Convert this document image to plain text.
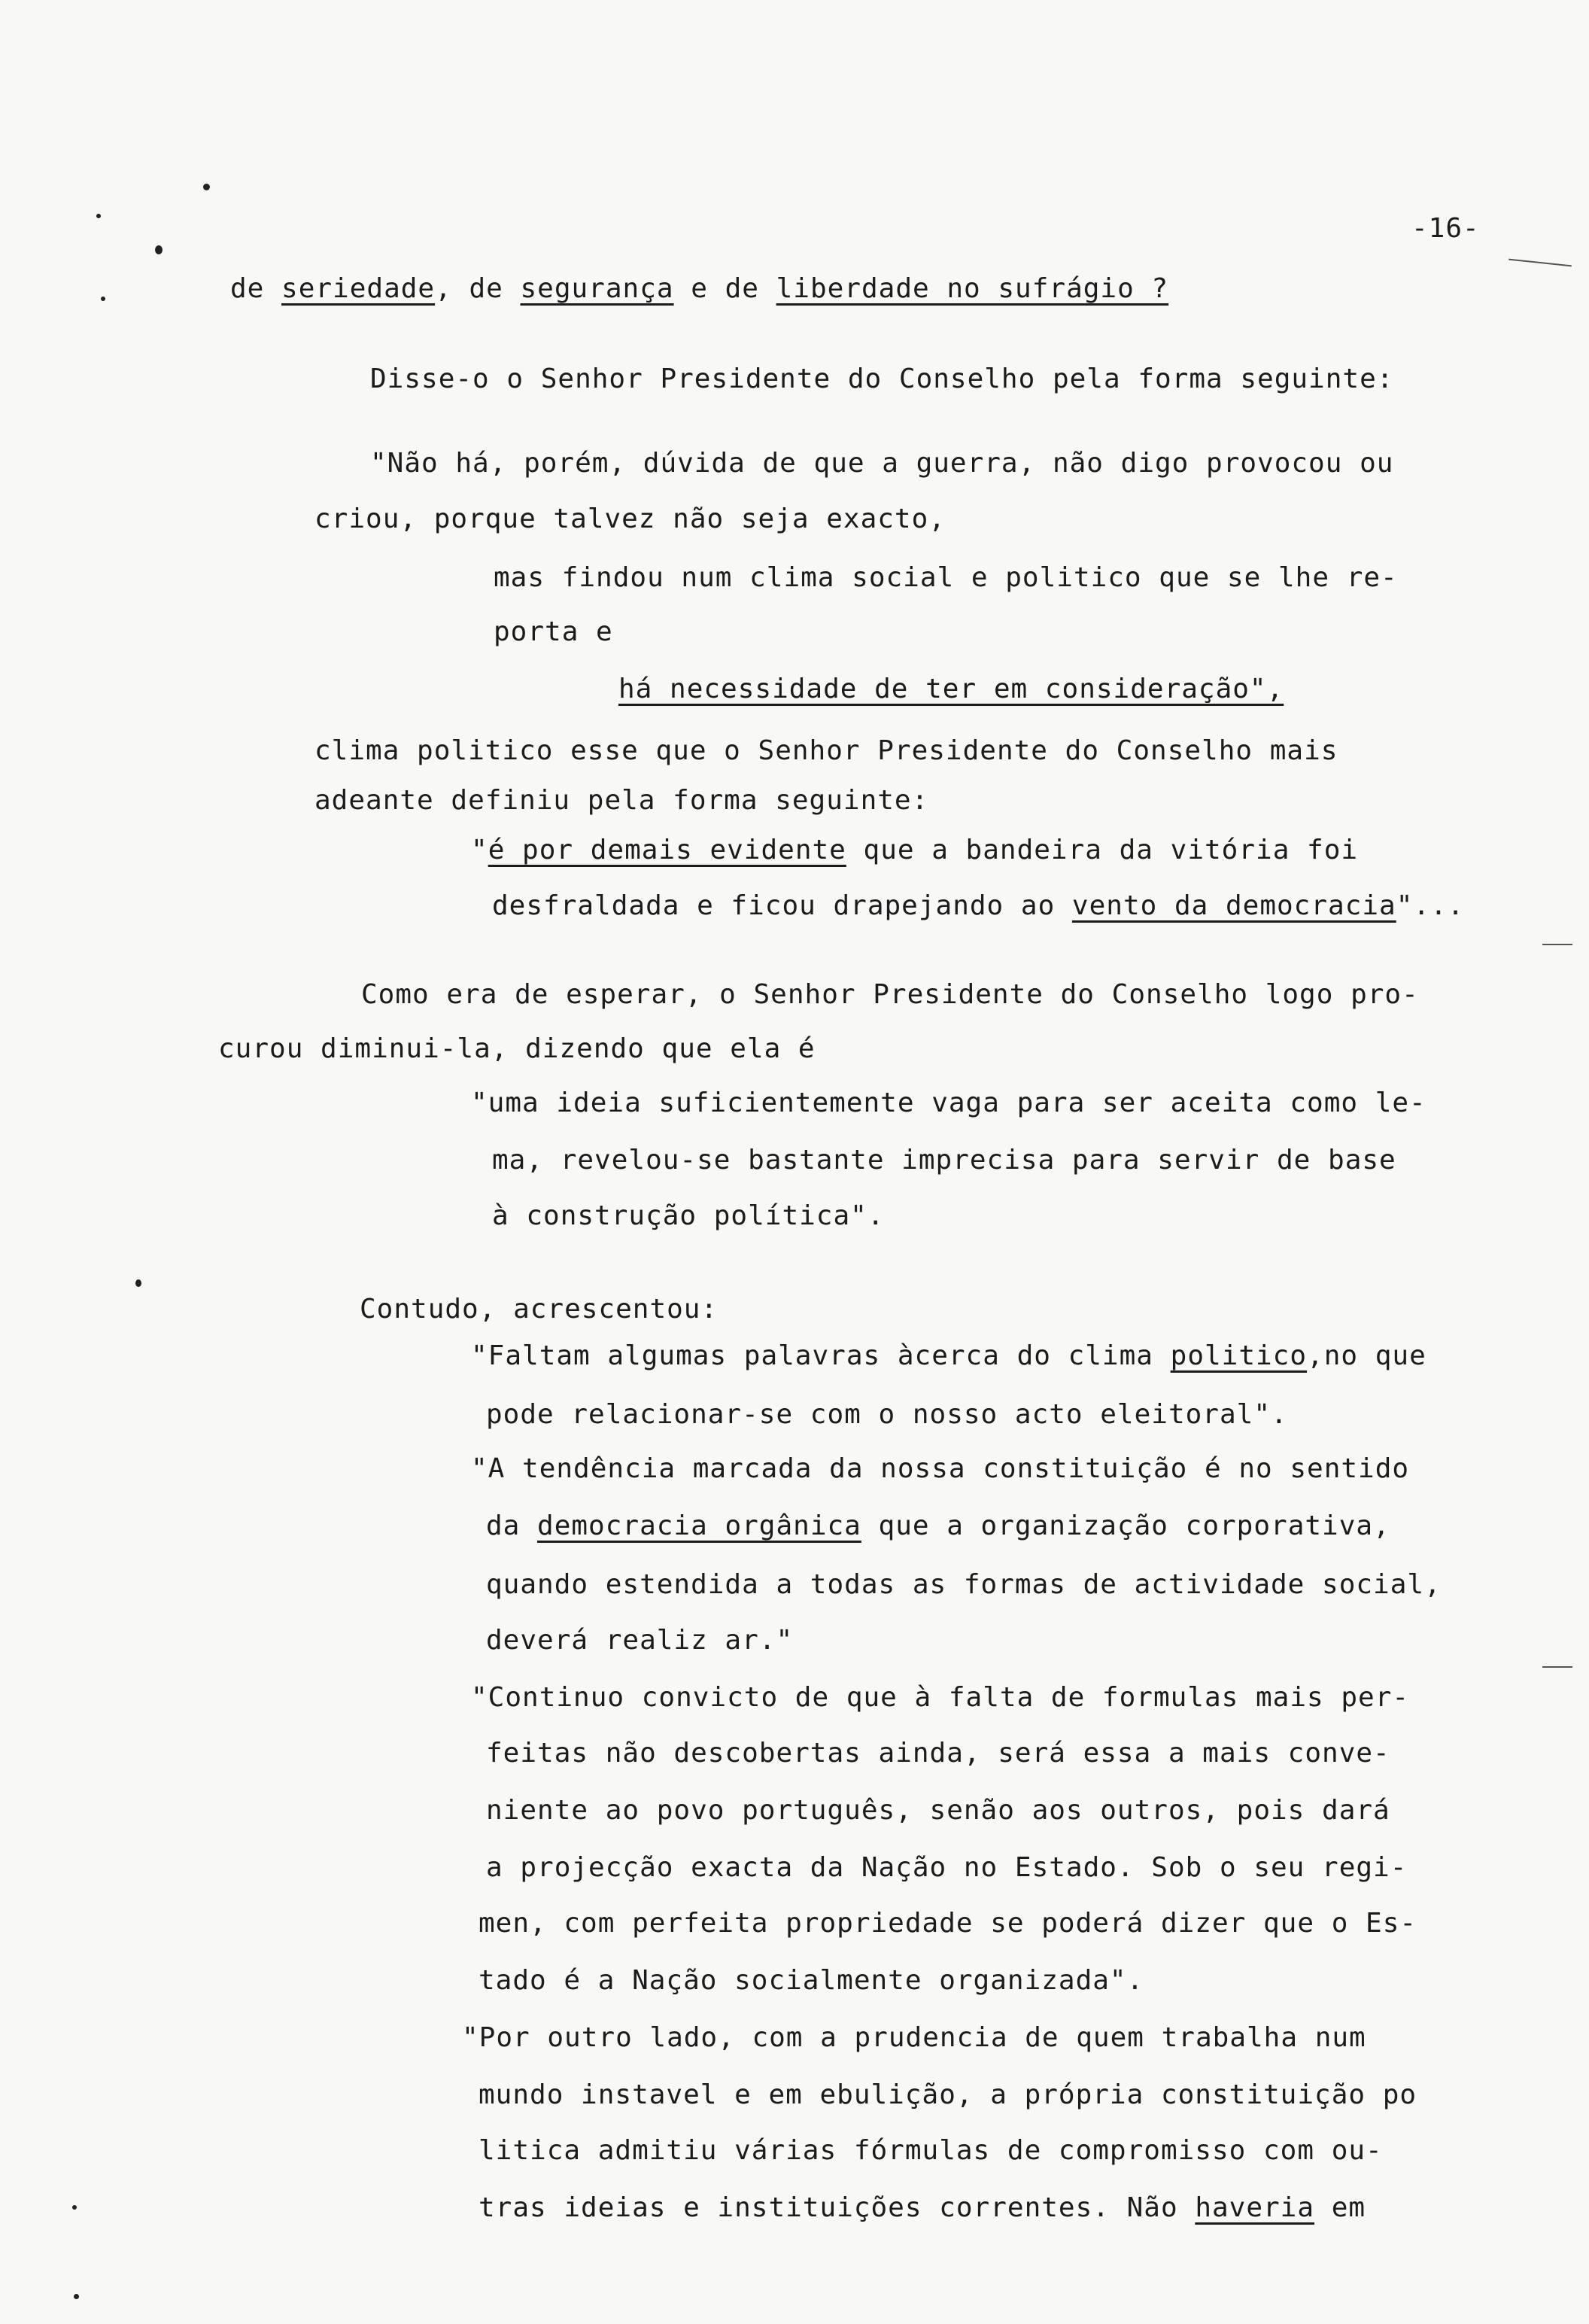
-16-
de seriedade, de segurança e de liberdade no sufrágio ?
Disse-o o Senhor Presidente do Conselho pela forma seguinte:
"Não há, porém, dúvida de que a guerra, não digo provocou ou
criou, porque talvez não seja exacto,
mas findou num clima social e politico que se lhe re-
porta e
há necessidade de ter em consideração",
clima politico esse que o Senhor Presidente do Conselho mais
adeante definiu pela forma seguinte:
"é por demais evidente que a bandeira da vitória foi
desfraldada e ficou drapejando ao vento da democracia"...
Como era de esperar, o Senhor Presidente do Conselho logo pro-
curou diminui-la, dizendo que ela é
"uma ideia suficientemente vaga para ser aceita como le-
ma, revelou-se bastante imprecisa para servir de base
à construção política".
Contudo, acrescentou:
"Faltam algumas palavras àcerca do clima politico,no que
pode relacionar-se com o nosso acto eleitoral".
"A tendência marcada da nossa constituição é no sentido
da democracia orgânica que a organização corporativa,
quando estendida a todas as formas de actividade social,
deverá realiz ar."
"Continuo convicto de que à falta de formulas mais per-
feitas não descobertas ainda, será essa a mais conve-
niente ao povo português, senão aos outros, pois dará
a projecção exacta da Nação no Estado. Sob o seu regi-
men, com perfeita propriedade se poderá dizer que o Es-
tado é a Nação socialmente organizada".
"Por outro lado, com a prudencia de quem trabalha num
mundo instavel e em ebulição, a própria constituição po
litica admitiu várias fórmulas de compromisso com ou-
tras ideias e instituições correntes. Não haveria em
